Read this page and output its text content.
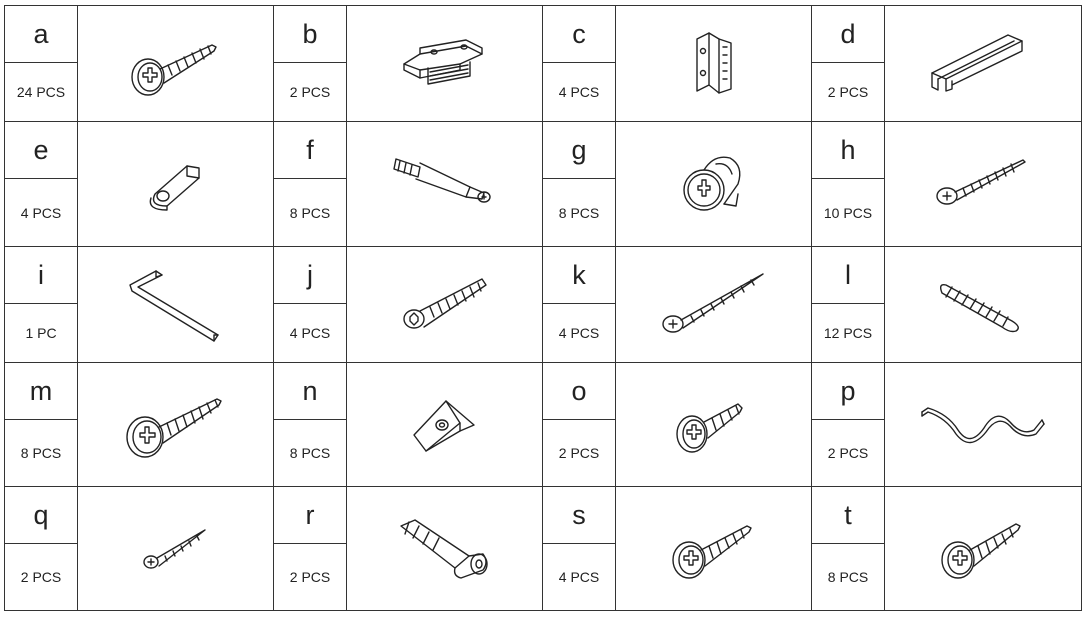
a
24 PCS
b
2 PCS
c
4 PCS
d
2 PCS
e
4 PCS
f
8 PCS
g
8 PCS
h
10 PCS
i
1 PC
j
4 PCS
k
4 PCS
l
12 PCS
m
8 PCS
n
8 PCS
o
2 PCS
p
2 PCS
q
2 PCS
r
2 PCS
s
4 PCS
t
8 PCS
